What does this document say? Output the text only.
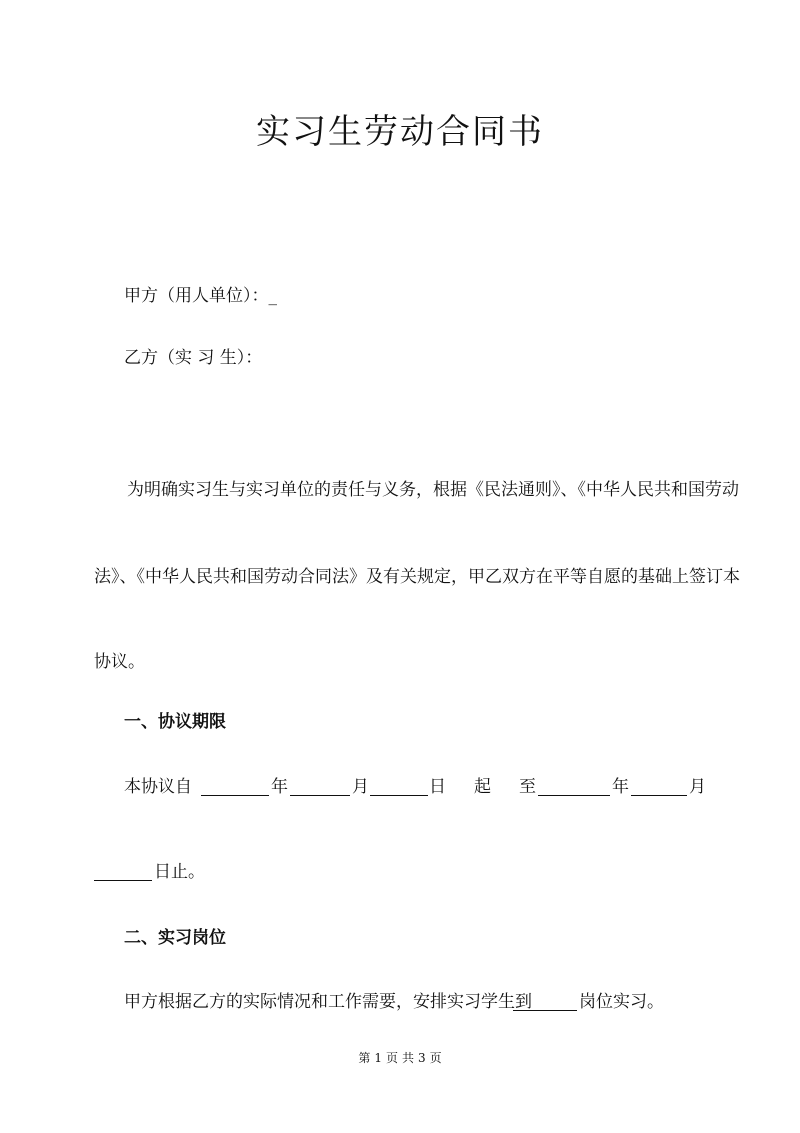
实习生劳动合同书
甲方（用人单位）：_
乙方（实 习 生）：
为明确实习生与实习单位的责任与义务，根据《民法通则》、《中华人民共和国劳动
法》、《中华人民共和国劳动合同法》及有关规定，甲乙双方在平等自愿的基础上签订本
协议。
一、协议期限
本协议自	年	月	日 起 至	年	月
日止。
二、实习岗位
甲方根据乙方的实际情况和工作需要，安排实习学生到	岗位实习。
第 1 页 共 3 页
